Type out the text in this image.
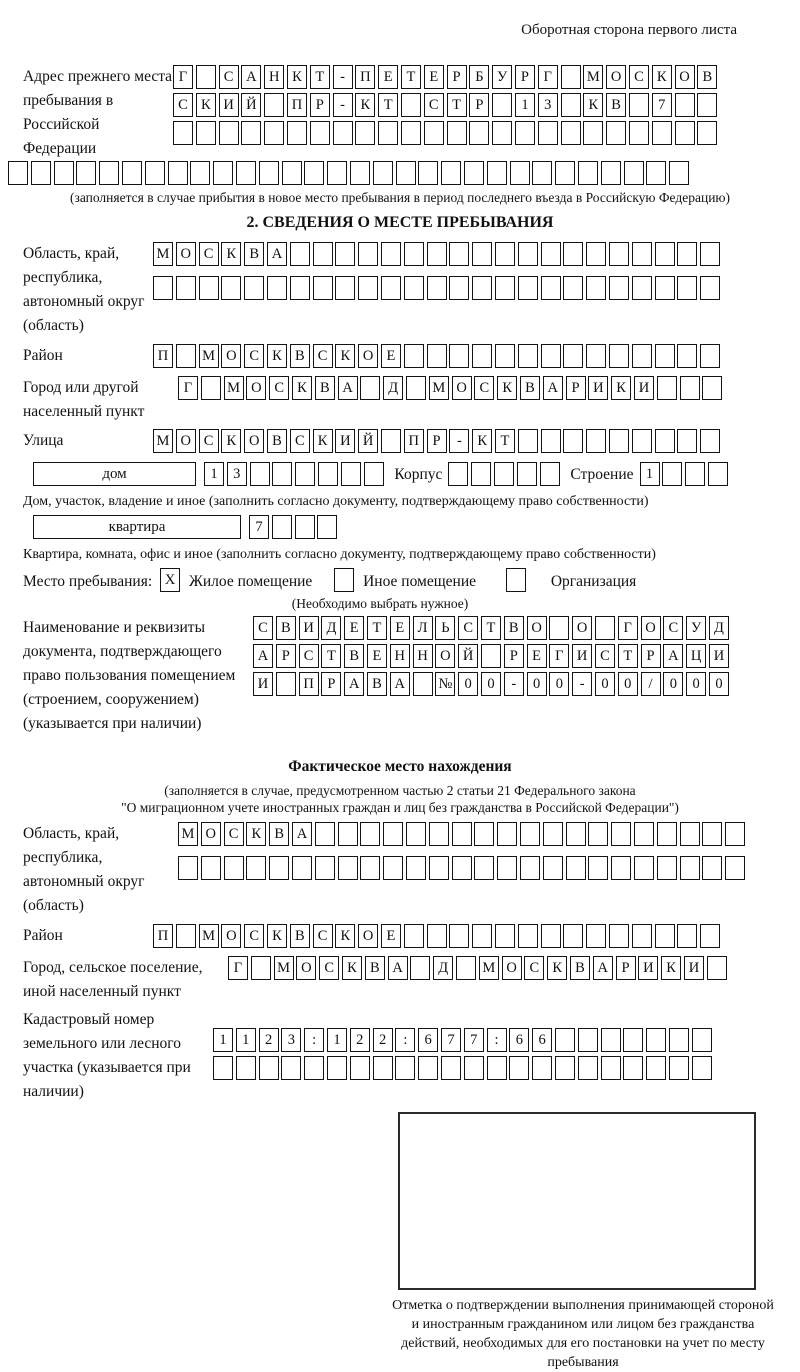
Оборотная сторона первого листа
Адрес прежнего места пребывания в Российской Федерации
Г	С А Н К Т	-	П Е Т Е Р	Б У Р	Г	М О С К О В
С К И Й	П Р	-	К Т	С Т Р	1	3	К В	7
(заполняется в случае прибытия в новое место пребывания в период последнего въезда в Российскую Федерацию)
2. СВЕДЕНИЯ О МЕСТЕ ПРЕБЫВАНИЯ
Область, край, республика, автономный округ (область)
М О С К В А
Район	П	М О С К В С К О Е
Город или другой населенный пункт
Г	М О С К В А	Д	М О С К В А Р И К И
Улица	М О С К О В С К И Й	П Р	-	К Т
дом	1	3	Корпус	Строение 1
Дом, участок, владение и иное (заполнить согласно документу, подтверждающему право собственности)
квартира	7
Квартира, комната, офис и иное (заполнить согласно документу, подтверждающему право собственности)
Место пребывания: X Жилое помещение	Иное помещение	Организация
(Необходимо выбрать нужное)
Наименование и реквизиты документа, подтверждающего право пользования помещением (строением, сооружением) (указывается при наличии)
С В И Д Е Т Е Л Ь С Т В О	О	Г О С У Д
А Р С Т В Е Н Н О Й	Р Е Г И С Т Р А Ц И
И	П Р А В А	№ 0	0	-	0	0	-	0	0	/	0	0	0
Фактическое место нахождения
(заполняется в случае, предусмотренном частью 2 статьи 21 Федерального закона
"О миграционном учете иностранных граждан и лиц без гражданства в Российской Федерации")
Область, край, республика, автономный округ (область)
М О С К В А
Район	П	М О С К В С К О Е
Город, сельское поселение, иной населенный пункт
Г	М О С К В А	Д	М О С К В А Р И К И
Кадастровый номер земельного или лесного участка (указывается при наличии)
1	1	2	3	:	1	2	2	:	6	7	7	:	6	6
Отметка о подтверждении выполнения принимающей стороной и иностранным гражданином или лицом без гражданства действий, необходимых для его постановки на учет по месту пребывания
